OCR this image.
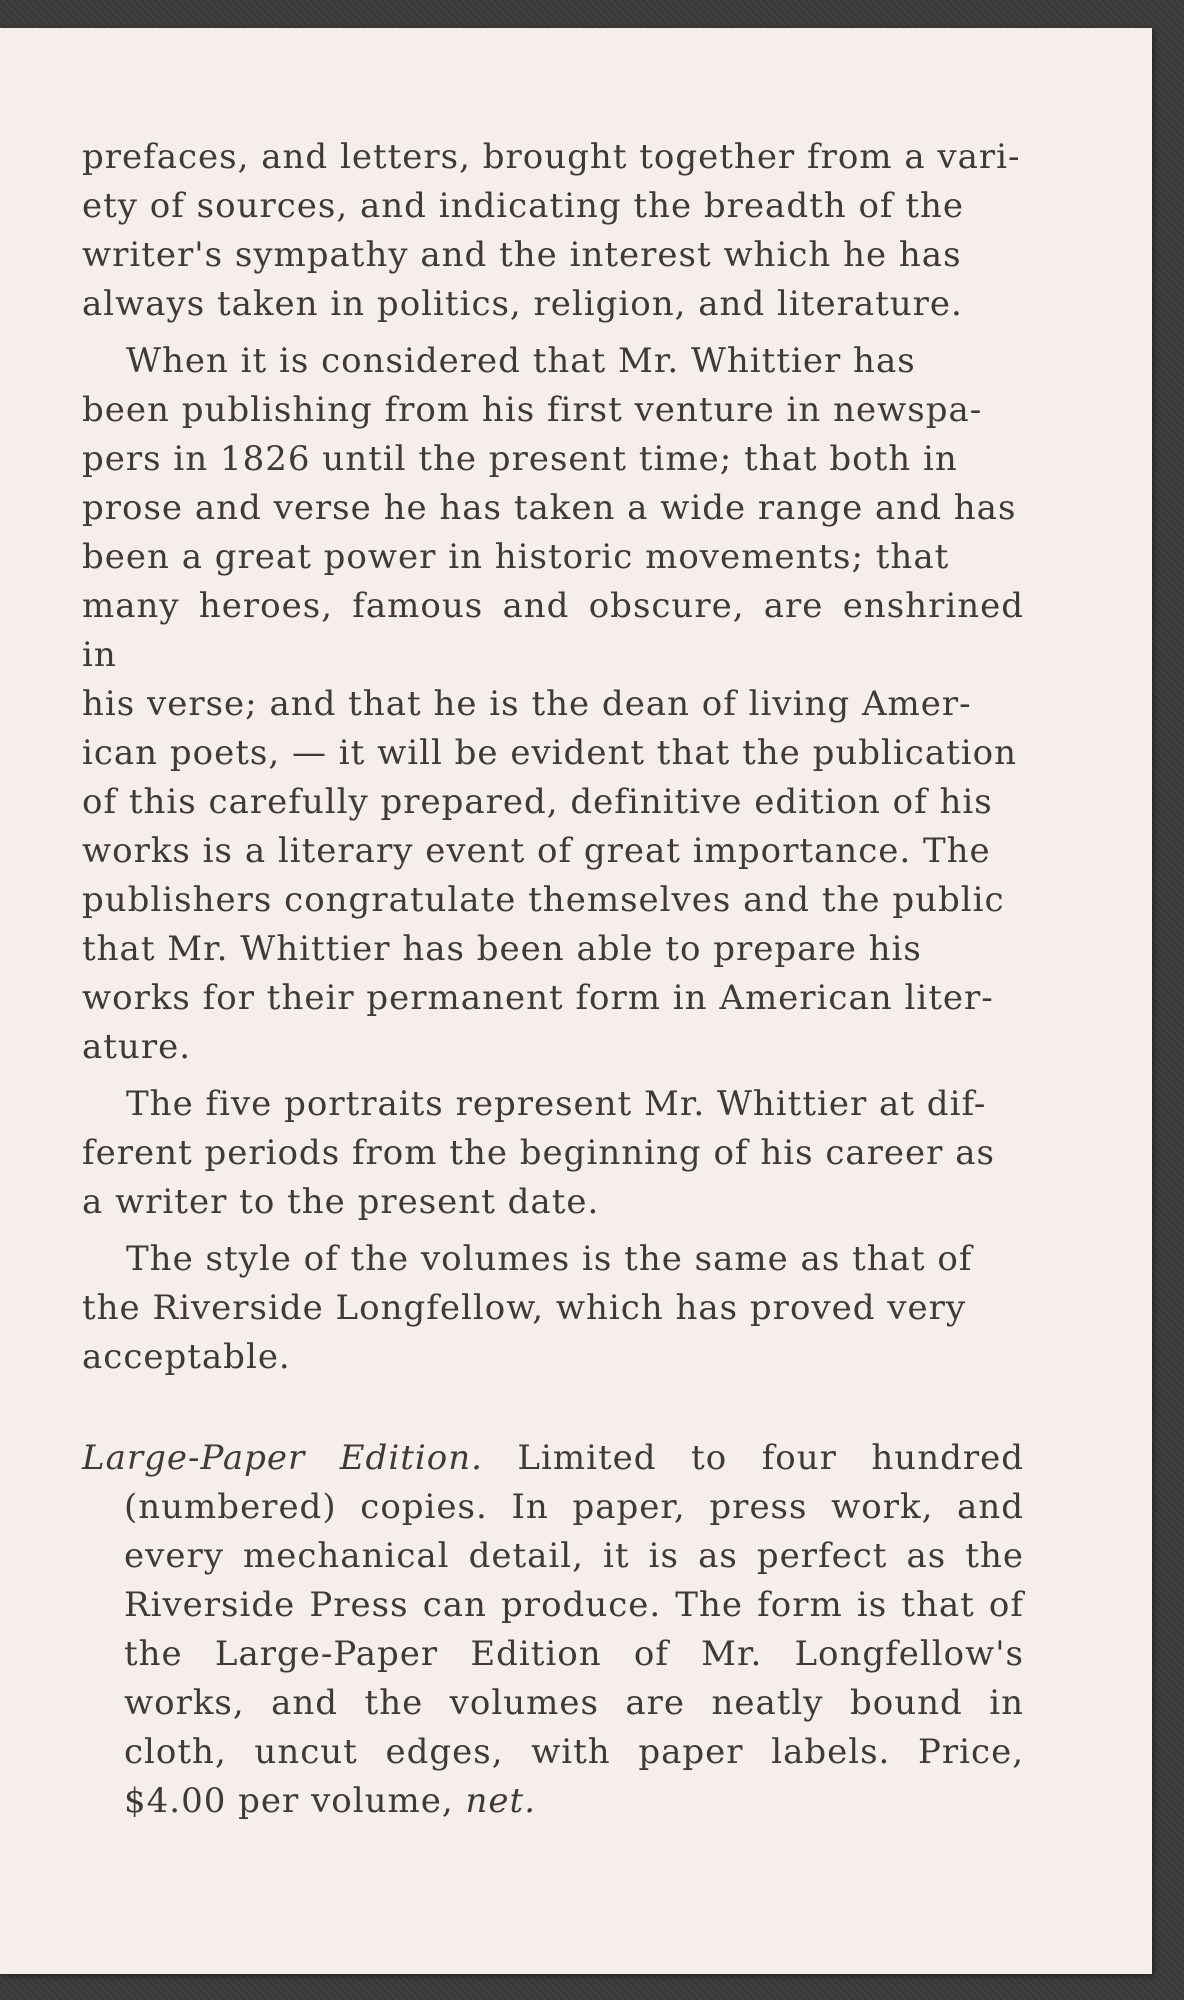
prefaces, and letters, brought together from a vari-
ety of sources, and indicating the breadth of the
writer's sympathy and the interest which he has
always taken in politics, religion, and literature.

When it is considered that Mr. Whittier has
been publishing from his first venture in newspa-
pers in 1826 until the present time; that both in
prose and verse he has taken a wide range and has
been a great power in historic movements; that
many heroes, famous and obscure, are enshrined in
his verse; and that he is the dean of living Amer-
ican poets, — it will be evident that the publication
of this carefully prepared, definitive edition of his
works is a literary event of great importance. The
publishers congratulate themselves and the public
that Mr. Whittier has been able to prepare his
works for their permanent form in American liter-
ature.

The five portraits represent Mr. Whittier at dif-
ferent periods from the beginning of his career as
a writer to the present date.

The style of the volumes is the same as that of
the Riverside Longfellow, which has proved very
acceptable.

Large-Paper Edition. Limited to four hundred (numbered) copies. In paper, press work, and every mechanical detail, it is as perfect as the Riverside Press can produce. The form is that of the Large-Paper Edition of Mr. Longfellow's works, and the volumes are neatly bound in cloth, uncut edges, with paper labels. Price, $4.00 per volume, net.
